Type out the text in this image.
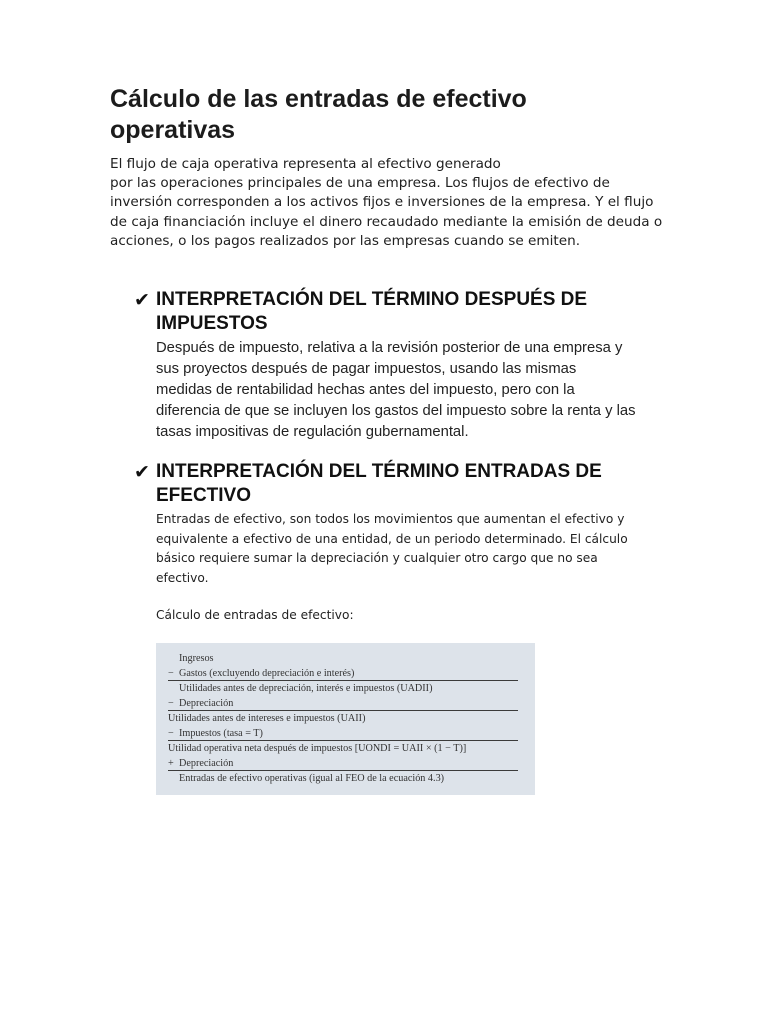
Cálculo de las entradas de efectivo
operativas
El flujo de caja operativa representa al efectivo generado
por las operaciones principales de una empresa. Los flujos de efectivo de
inversión corresponden a los activos fijos e inversiones de la empresa. Y el flujo
de caja financiación incluye el dinero recaudado mediante la emisión de deuda o
acciones, o los pagos realizados por las empresas cuando se emiten.
✔ INTERPRETACIÓN DEL TÉRMINO DESPUÉS DE
IMPUESTOS
Después de impuesto, relativa a la revisión posterior de una empresa y
sus proyectos después de pagar impuestos, usando las mismas
medidas de rentabilidad hechas antes del impuesto, pero con la
diferencia de que se incluyen los gastos del impuesto sobre la renta y las
tasas impositivas de regulación gubernamental.
✔ INTERPRETACIÓN DEL TÉRMINO ENTRADAS DE
EFECTIVO
Entradas de efectivo, son todos los movimientos que aumentan el efectivo y
equivalente a efectivo de una entidad, de un periodo determinado. El cálculo
básico requiere sumar la depreciación y cualquier otro cargo que no sea
efectivo.

Cálculo de entradas de efectivo:

Ingresos
− Gastos (excluyendo depreciación e interés)
Utilidades antes de depreciación, interés e impuestos (UADII)
− Depreciación
Utilidades antes de intereses e impuestos (UAII)
− Impuestos (tasa = T)
Utilidad operativa neta después de impuestos [UONDI = UAII × (1 − T)]
+ Depreciación
Entradas de efectivo operativas (igual al FEO de la ecuación 4.3)
